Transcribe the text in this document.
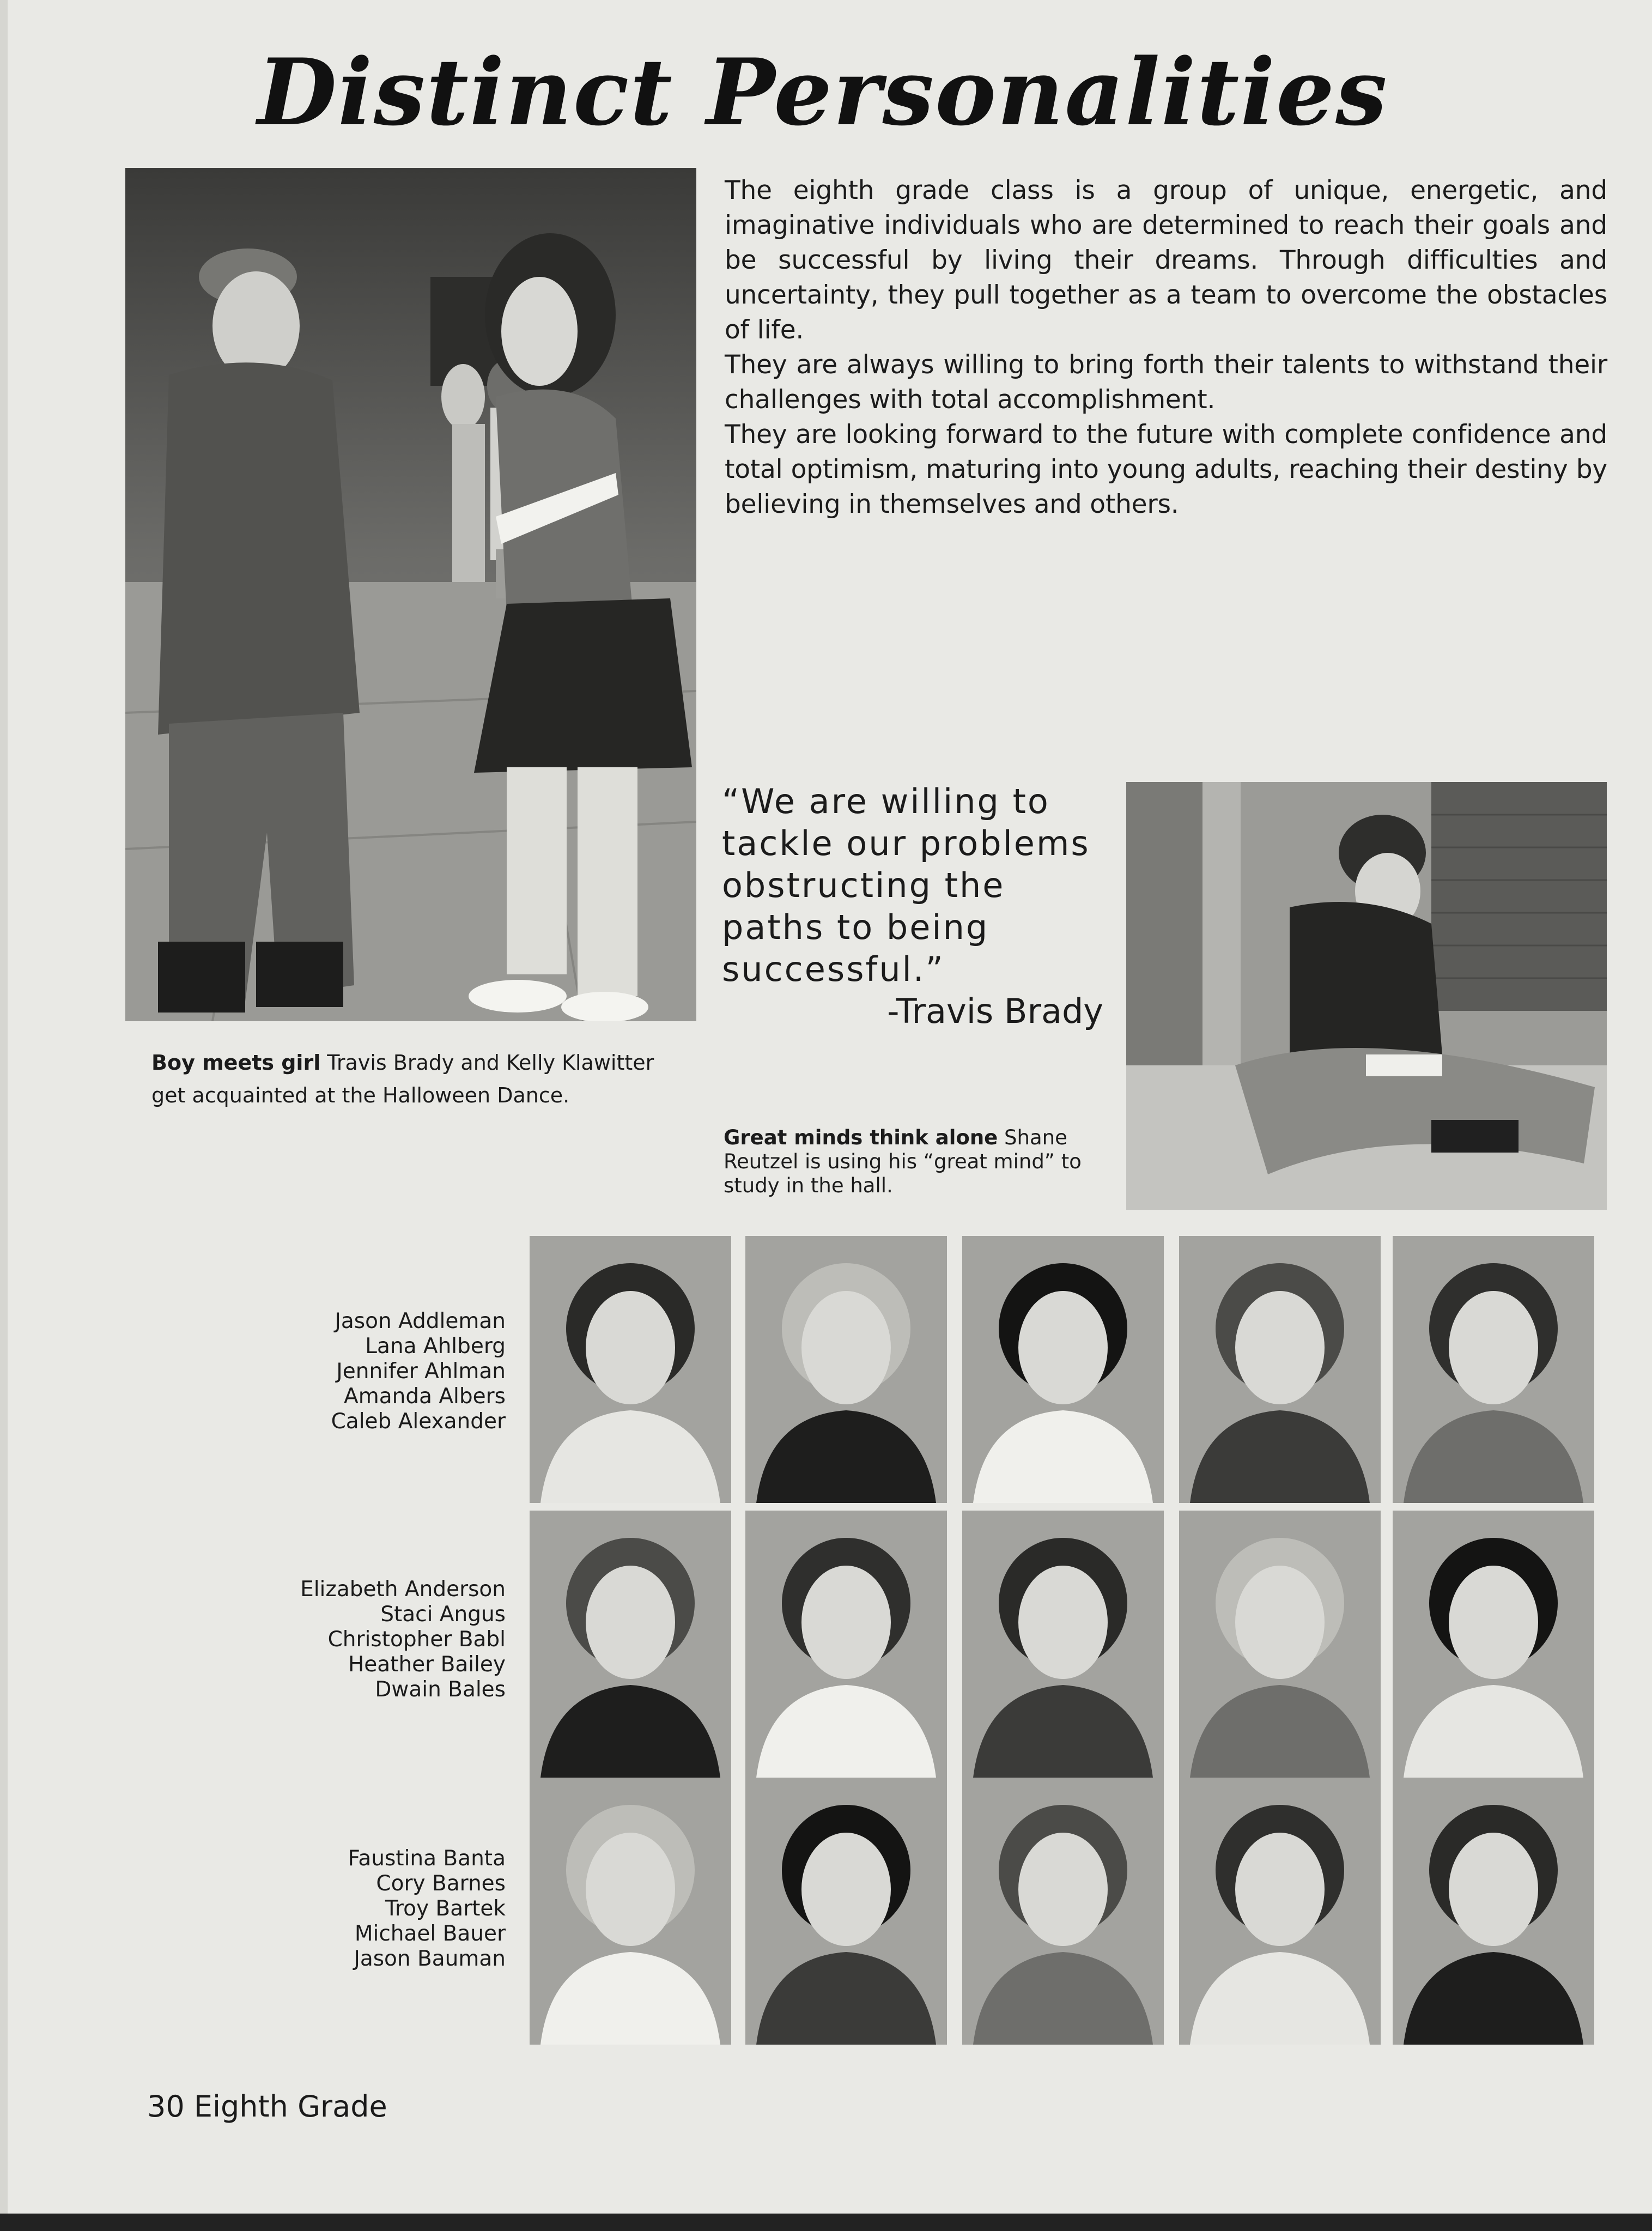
Distinct Personalities

The eighth grade class is a group of unique, energetic, and imaginative individuals who are determined to reach their goals and be successful by living their dreams. Through difficulties and uncertainty, they pull together as a team to overcome the obstacles of life.

They are always willing to bring forth their talents to withstand their challenges with total accomplishment.

They are looking forward to the future with complete confidence and total optimism, maturing into young adults, reaching their destiny by believing in themselves and others.

Boy meets girl Travis Brady and Kelly Klawitter
get acquainted at the Halloween Dance.
“We are willing to tackle our problems obstructing the paths to being successful.”
-Travis Brady
Great minds think alone Shane
Reutzel is using his “great mind” to
study in the hall.
Jason Addleman
Lana Ahlberg
Jennifer Ahlman
Amanda Albers
Caleb Alexander
Elizabeth Anderson
Staci Angus
Christopher Babl
Heather Bailey
Dwain Bales
Faustina Banta
Cory Barnes
Troy Bartek
Michael Bauer
Jason Bauman
30 Eighth Grade
